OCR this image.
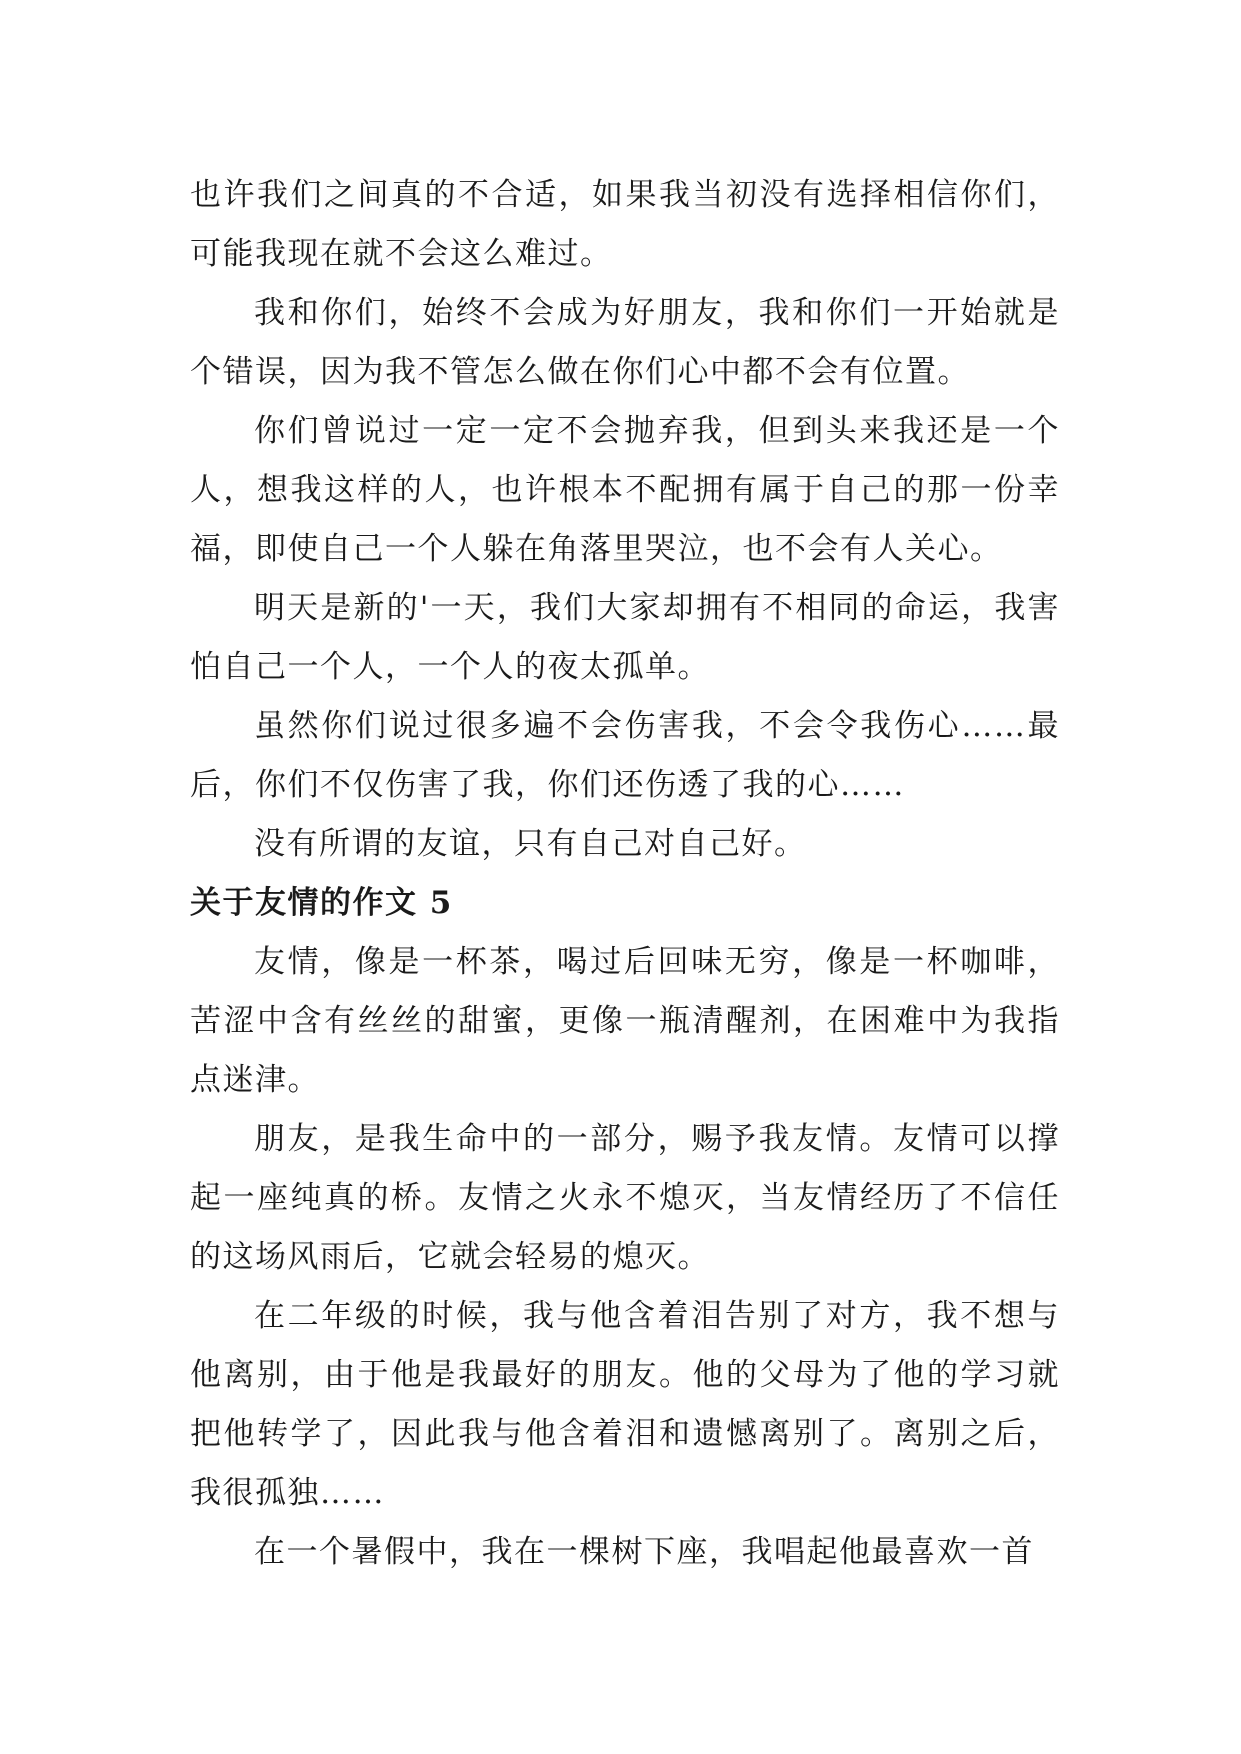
也许我们之间真的不合适，如果我当初没有选择相信你们，可能我现在就不会这么难过。

我和你们，始终不会成为好朋友，我和你们一开始就是个错误，因为我不管怎么做在你们心中都不会有位置。

你们曾说过一定一定不会抛弃我，但到头来我还是一个人，想我这样的人，也许根本不配拥有属于自己的那一份幸福，即使自己一个人躲在角落里哭泣，也不会有人关心。

明天是新的'一天，我们大家却拥有不相同的命运，我害怕自己一个人，一个人的夜太孤单。

虽然你们说过很多遍不会伤害我，不会令我伤心……最后，你们不仅伤害了我，你们还伤透了我的心……

没有所谓的友谊，只有自己对自己好。

关于友情的作文 5

友情，像是一杯茶，喝过后回味无穷，像是一杯咖啡，苦涩中含有丝丝的甜蜜，更像一瓶清醒剂，在困难中为我指点迷津。

朋友，是我生命中的一部分，赐予我友情。友情可以撑起一座纯真的桥。友情之火永不熄灭，当友情经历了不信任的这场风雨后，它就会轻易的熄灭。

在二年级的时候，我与他含着泪告别了对方，我不想与他离别，由于他是我最好的朋友。他的父母为了他的学习就把他转学了，因此我与他含着泪和遗憾离别了。离别之后，我很孤独……

在一个暑假中，我在一棵树下座，我唱起他最喜欢一首
